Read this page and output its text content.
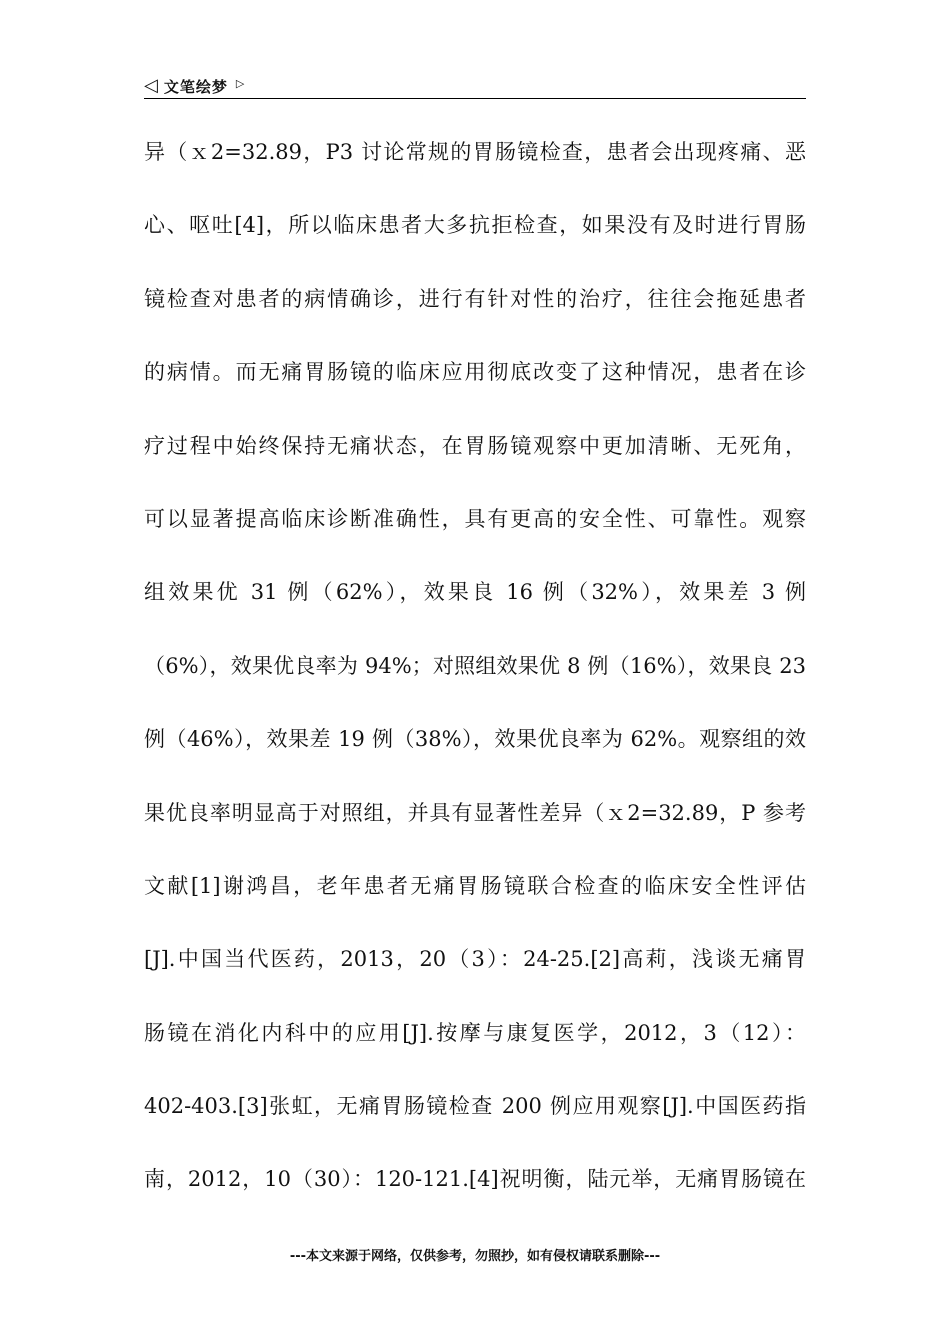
◁ 文笔绘梦 ▷
异（ｘ2=32.89，P3 讨论常规的胃肠镜检查，患者会出现疼痛、恶
心、呕吐[4]，所以临床患者大多抗拒检查，如果没有及时进行胃肠
镜检查对患者的病情确诊，进行有针对性的治疗，往往会拖延患者
的病情。而无痛胃肠镜的临床应用彻底改变了这种情况，患者在诊
疗过程中始终保持无痛状态，在胃肠镜观察中更加清晰、无死角，
可以显著提高临床诊断准确性，具有更高的安全性、可靠性。观察
组效果优 31 例（62%），效果良 16 例（32%），效果差 3 例
（6%），效果优良率为 94%；对照组效果优 8 例（16%），效果良 23
例（46%），效果差 19 例（38%），效果优良率为 62%。观察组的效
果优良率明显高于对照组，并具有显著性差异（ｘ2=32.89，P 参考
文献[1]谢鸿昌，老年患者无痛胃肠镜联合检查的临床安全性评估
[J].中国当代医药，2013，20（3）：24-25.[2]高莉，浅谈无痛胃
肠镜在消化内科中的应用[J].按摩与康复医学，2012，3（12）：
402-403.[3]张虹，无痛胃肠镜检查 200 例应用观察[J].中国医药指
南，2012，10（30）：120-121.[4]祝明衡，陆元举，无痛胃肠镜在
---本文来源于网络，仅供参考，勿照抄，如有侵权请联系删除---
